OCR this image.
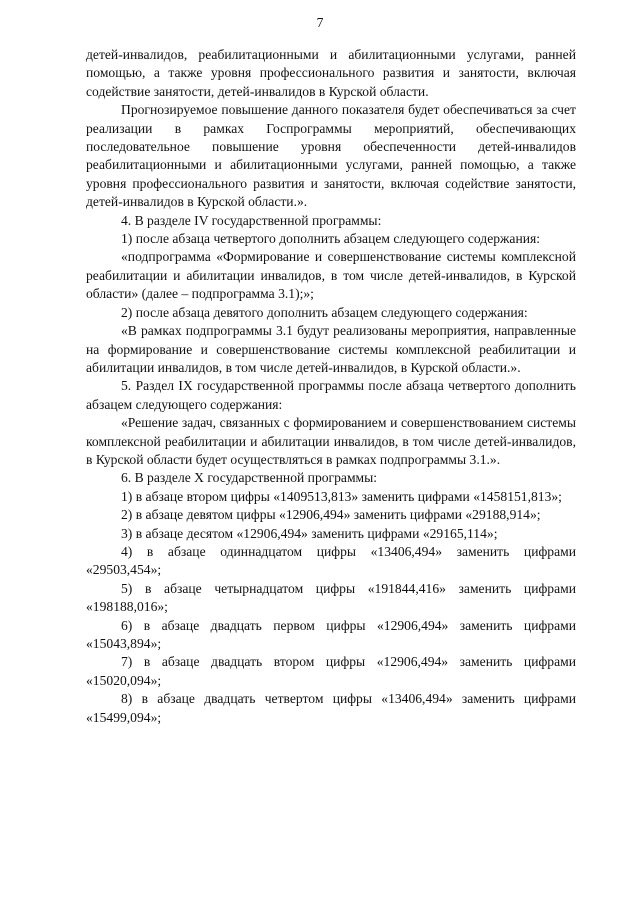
7

детей-инвалидов, реабилитационными и абилитационными услугами, ранней помощью, а также уровня профессионального развития и занятости, включая содействие занятости, детей-инвалидов в Курской области.

Прогнозируемое повышение данного показателя будет обеспечиваться за счет реализации в рамках Госпрограммы мероприятий, обеспечивающих последовательное повышение уровня обеспеченности детей-инвалидов реабилитационными и абилитационными услугами, ранней помощью, а также уровня профессионального развития и занятости, включая содействие занятости, детей-инвалидов в Курской области.».

4. В разделе IV государственной программы:

1) после абзаца четвертого дополнить абзацем следующего содержания:

«подпрограмма «Формирование и совершенствование системы комплексной реабилитации и абилитации инвалидов, в том числе детей-инвалидов, в Курской области» (далее – подпрограмма 3.1);»;

2) после абзаца девятого дополнить абзацем следующего содержания:

«В рамках подпрограммы 3.1 будут реализованы мероприятия, направленные на формирование и совершенствование системы комплексной реабилитации и абилитации инвалидов, в том числе детей-инвалидов, в Курской области.».

5. Раздел IX государственной программы после абзаца четвертого дополнить абзацем следующего содержания:

«Решение задач, связанных с формированием и совершенствованием системы комплексной реабилитации и абилитации инвалидов, в том числе детей-инвалидов, в Курской области будет осуществляться в рамках подпрограммы 3.1.».

6. В разделе X государственной программы:

1) в абзаце втором цифры «1409513,813» заменить цифрами «1458151,813»;

2) в абзаце девятом цифры «12906,494» заменить цифрами «29188,914»;

3) в абзаце десятом «12906,494» заменить цифрами «29165,114»;

4) в абзаце одиннадцатом цифры «13406,494» заменить цифрами «29503,454»;

5) в абзаце четырнадцатом цифры «191844,416» заменить цифрами «198188,016»;

6) в абзаце двадцать первом цифры «12906,494» заменить цифрами «15043,894»;

7) в абзаце двадцать втором цифры «12906,494» заменить цифрами «15020,094»;

8) в абзаце двадцать четвертом цифры «13406,494» заменить цифрами «15499,094»;
